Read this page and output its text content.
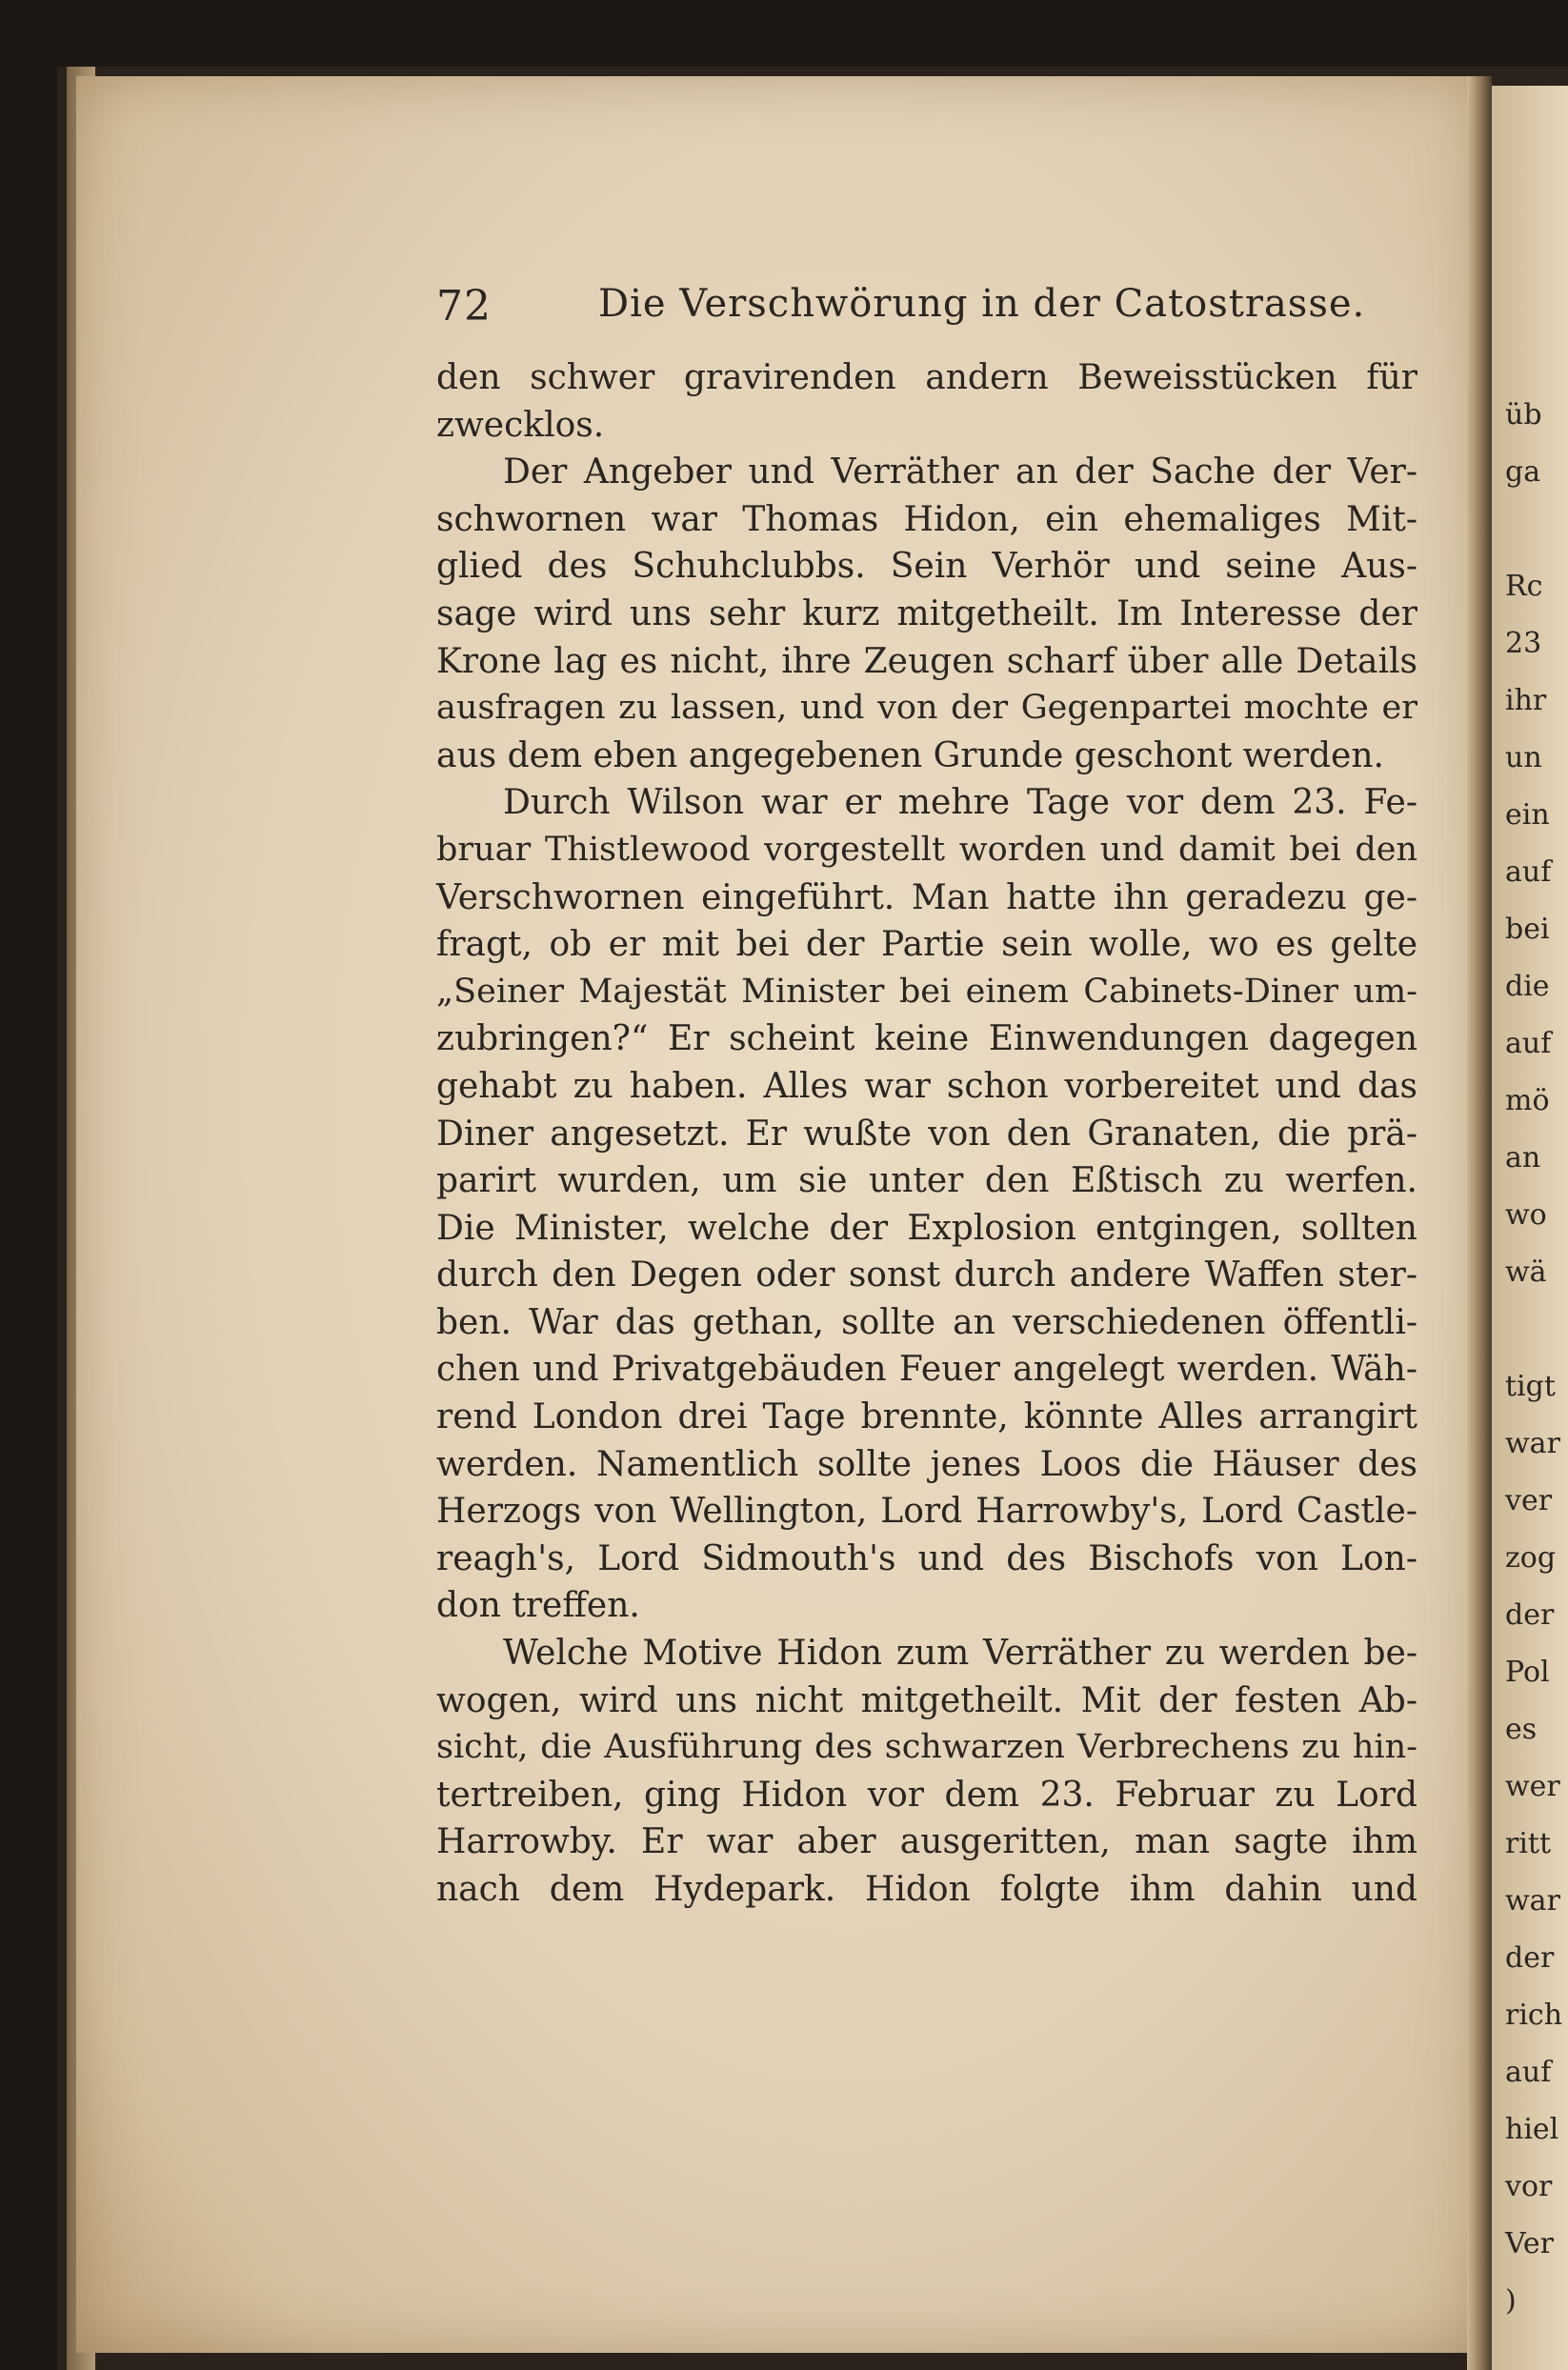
üb
ga
Rc
23
ihr
un
ein
auf
bei
die
auf
mö
an
wo
wä
tigt
war
ver
zog
der
Pol
es
wer
ritt
war
der
rich
auf
hiel
vor
Ver
)
72	Die Verschwörung in der Catostrasse.
den schwer gravirenden andern Beweisstücken für
zwecklos.
Der Angeber und Verräther an der Sache der Ver-
schwornen war Thomas Hidon, ein ehemaliges Mit-
glied des Schuhclubbs. Sein Verhör und seine Aus-
sage wird uns sehr kurz mitgetheilt. Im Interesse der
Krone lag es nicht, ihre Zeugen scharf über alle Details
ausfragen zu lassen, und von der Gegenpartei mochte er
aus dem eben angegebenen Grunde geschont werden.
Durch Wilson war er mehre Tage vor dem 23. Fe-
bruar Thistlewood vorgestellt worden und damit bei den
Verschwornen eingeführt. Man hatte ihn geradezu ge-
fragt, ob er mit bei der Partie sein wolle, wo es gelte
„Seiner Majestät Minister bei einem Cabinets-Diner um-
zubringen?“ Er scheint keine Einwendungen dagegen
gehabt zu haben. Alles war schon vorbereitet und das
Diner angesetzt. Er wußte von den Granaten, die prä-
parirt wurden, um sie unter den Eßtisch zu werfen.
Die Minister, welche der Explosion entgingen, sollten
durch den Degen oder sonst durch andere Waffen ster-
ben. War das gethan, sollte an verschiedenen öffentli-
chen und Privatgebäuden Feuer angelegt werden. Wäh-
rend London drei Tage brennte, könnte Alles arrangirt
werden. Namentlich sollte jenes Loos die Häuser des
Herzogs von Wellington, Lord Harrowby's, Lord Castle-
reagh's, Lord Sidmouth's und des Bischofs von Lon-
don treffen.
Welche Motive Hidon zum Verräther zu werden be-
wogen, wird uns nicht mitgetheilt. Mit der festen Ab-
sicht, die Ausführung des schwarzen Verbrechens zu hin-
tertreiben, ging Hidon vor dem 23. Februar zu Lord
Harrowby. Er war aber ausgeritten, man sagte ihm
nach dem Hydepark. Hidon folgte ihm dahin und
